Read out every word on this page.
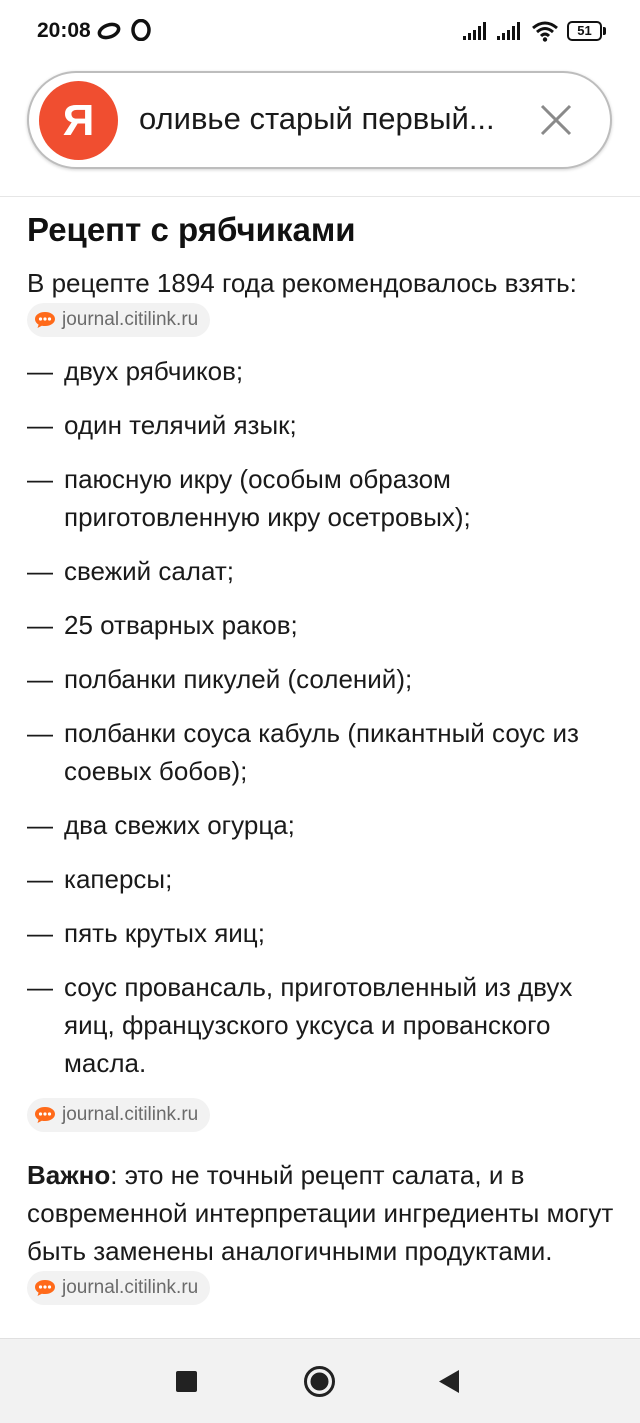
20:08	51
Я оливье старый первый...
Рецепт с рябчиками

В рецепте 1894 года рекомендовалось взять:
journal.citilink.ru

— двух рябчиков;
— один телячий язык;
— паюсную икру (особым образом приготовленную икру осетровых);
— свежий салат;
— 25 отварных раков;
— полбанки пикулей (солений);
— полбанки соуса кабуль (пикантный соус из соевых бобов);
— два свежих огурца;
— каперсы;
— пять крутых яиц;
— соус провансаль, приготовленный из двух яиц, французского уксуса и прованского масла.
journal.citilink.ru

Важно: это не точный рецепт салата, и в современной интерпретации ингредиенты могут быть заменены аналогичными продуктами.
journal.citilink.ru
